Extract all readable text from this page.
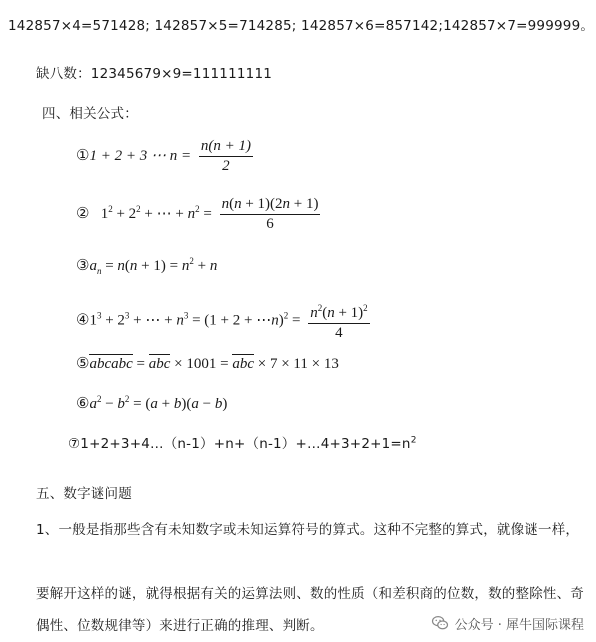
142857×4=571428; 142857×5=714285; 142857×6=857142;142857×7=999999。
缺八数：12345679×9=111111111
四、相关公式：
①1 + 2 + 3 ⋯ $n = \frac{n(n + 1)}{2}$
②   $1^2 + 2^2$ + ⋯ + $n^2 = \frac{n(n + 1)(2n + 1)}{6}$
$③a_n = n(n + 1) = n^2 + n$
$④1^3 + 2^3$ + ⋯ + $n^3 = (1 + 2$ + ⋯n)$^2$ = $\frac{n^2(n + 1)^2}{4}$
⑤abcabc = abc × 1001 = abc × 7 × 11 × 13
$⑥a^2 - b^2 = (a + b)(a - b)$
$⑦1+2+3+4\dots(n-1)+n+(n-1)+\dots 4+3+2+1=n^2$
五、数字谜问题
1、一般是指那些含有未知数字或未知运算符号的算式。这种不完整的算式，就像谜一样，
要解开这样的谜，就得根据有关的运算法则、数的性质（和差积商的位数，数的整除性、奇
偶性、位数规律等）来进行正确的推理、判断。	公众号 · 犀牛国际课程
